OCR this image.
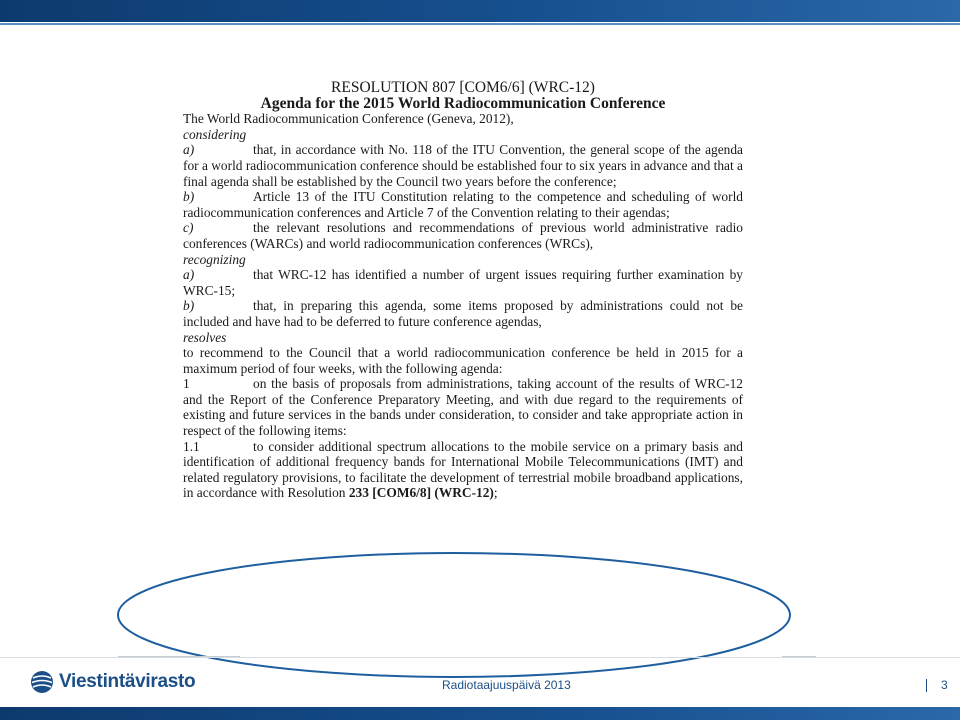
RESOLUTION 807 [COM6/6] (WRC-12)

Agenda for the 2015 World Radiocommunication Conference

The World Radiocommunication Conference (Geneva, 2012),

considering

a)	that, in accordance with No. 118 of the ITU Convention, the general scope of the agenda for a world radiocommunication conference should be established four to six years in advance and that a final agenda shall be established by the Council two years before the conference;

b)	Article 13 of the ITU Constitution relating to the competence and scheduling of world radiocommunication conferences and Article 7 of the Convention relating to their agendas;

c)	the relevant resolutions and recommendations of previous world administrative radio conferences (WARCs) and world radiocommunication conferences (WRCs),

recognizing

a)	that WRC-12 has identified a number of urgent issues requiring further examination by WRC-15;

b)	that, in preparing this agenda, some items proposed by administrations could not be included and have had to be deferred to future conference agendas,

resolves

to recommend to the Council that a world radiocommunication conference be held in 2015 for a maximum period of four weeks, with the following agenda:

1	on the basis of proposals from administrations, taking account of the results of WRC-12 and the Report of the Conference Preparatory Meeting, and with due regard to the requirements of existing and future services in the bands under consideration, to consider and take appropriate action in respect of the following items:

1.1	to consider additional spectrum allocations to the mobile service on a primary basis and identification of additional frequency bands for International Mobile Telecommunications (IMT) and related regulatory provisions, to facilitate the development of terrestrial mobile broadband applications, in accordance with Resolution 233 [COM6/8] (WRC-12);

Viestintävirasto	Radiotaajuuspäivä 2013	3
